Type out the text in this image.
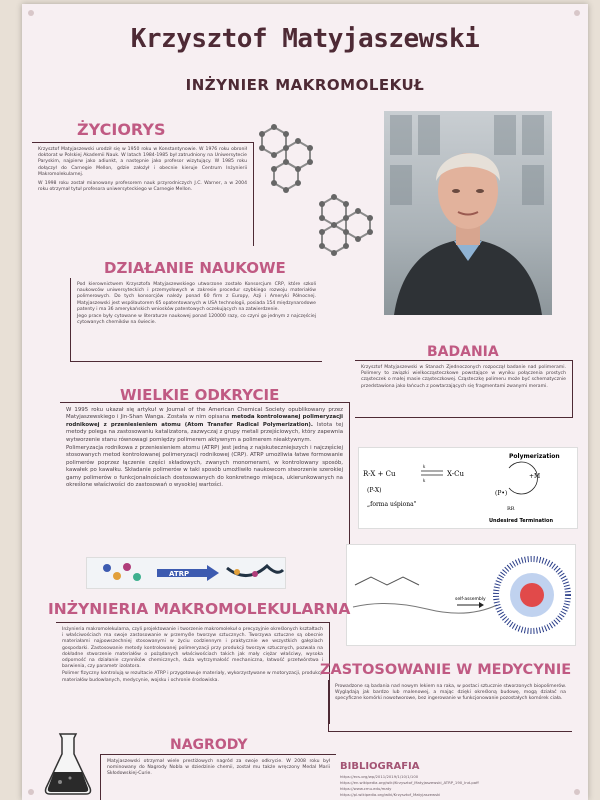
Krzysztof Matyjaszewski
INŻYNIER MAKROMOLEKUŁ
ŻYCIORYS

Krzysztof Matyjaszewski urodził się w 1950 roku w Konstantynowie. W 1976 roku obronił doktorat w Polskiej Akademii Nauk. W latach 1984-1985 był zatrudniony na Uniwersytecie Paryskim, najpierw jako adiunkt, a następnie jako profesor wizytujący. W 1985 roku dołączył do Carnegie Mellon, gdzie założył i obecnie kieruje Centrum Inżynierii Makromolekularnej.

W 1998 roku został mianowany profesorem nauk przyrodniczych J.C. Warner, a w 2004 roku otrzymał tytuł profesora uniwersyteckiego w Carnegie Mellon.

DZIAŁANIE NAUKOWE

Pod kierownictwem Krzysztofa Matyjaszewskiego utworzone zostało Konsorcjum CRP, które szkoli naukowców uniwersyteckich i przemysłowych w zakresie procedur szybkiego rozwoju materiałów polimerowych. Do tych konsorcjów należy ponad 60 firm z Europy, Azji i Ameryki Północnej. Matyjaszewski jest współautorem 65 opatentowanych w USA technologii, posiada 154 międzynarodowe patenty i ma 36 amerykańskich wniosków patentowych oczekujących na zatwierdzenie.

Jego prace były cytowane w literaturze naukowej ponad 120000 razy, co czyni go jednym z najczęściej cytowanych chemików na świecie.

BADANIA

Krzysztof Matyjaszewski w Stanach Zjednoczonych rozpoczął badanie nad polimerami. Polimery to związki wielkocząsteczkowe powstające w wyniku połączenia prostych cząsteczek o małej masie cząsteczkowej. Cząsteczkę polimeru może być schematycznie przedstawiona jako łańcuch z powtarzających się fragmentami zwanymi merami.

WIELKIE ODKRYCIE

W 1995 roku ukazał się artykuł w Journal of the American Chemical Society opublikowany przez Matyjaszewskiego i Jin-Shan Wanga. Została w nim opisana metoda kontrolowanej polimeryzacji rodnikowej z przeniesieniem atomu (Atom Transfer Radical Polymerization). Istota tej metody polega na zastosowaniu katalizatora, zazwyczaj z grupy metali przejściowych, który zapewnia wytworzenie stanu równowagi pomiędzy polimerem aktywnym a polimerem nieaktywnym.

Polimeryzacja rodnikowa z przeniesieniem atomu (ATRP) jest jedną z najskuteczniejszych i najczęściej stosowanych metod kontrolowanej polimeryzacji rodnikowej (CRP). ATRP umożliwia łatwe formowanie polimerów poprzez łączenie części składowych, zwanych monomerami, w kontrolowany sposób, kawałek po kawałku. Składanie polimerów w taki sposób umożliwiło naukowcom stworzenie szerokiej gamy polimerów o funkcjonalnościach dostosowanych do konkretnego miejsca, ukierunkowanych na określone właściwości do zastosowań o wysokiej wartości.

Polymerization
R-X + Cu	X-Cu
k
k
+M
(P-X)	(P•)
„forma uśpiona"
RR
Undesired Termination
ATRP
self-assembly
INŻYNIERIA MAKROMOLEKULARNA

Inżynieria makromolekularna, czyli projektowanie i tworzenie makromolekuł o precyzyjnie określonych kształtach i właściwościach ma swoje zastosowanie w przemyśle tworzyw sztucznych. Tworzywa sztuczne są obecnie materiałami najpowszechniej stosowanymi w życiu codziennym i praktycznie we wszystkich gałęziach gospodarki. Zastosowanie metody kontrolowanej polimeryzacji przy produkcji tworzyw sztucznych, pozwala na dokładne stworzenie materiałów o pożądanych właściwościach takich jak mały ciężar właściwy, wysoka odporność na działanie czynników chemicznych, duża wytrzymałość mechaniczna, łatwość przetwórstwa i barwienia, czy parametr izolatora.

Polimer fizyczny kontrolują w rezultacie ATRP i przygotowuje materiały, wykorzystywane w motoryzacji, produkcji materiałów budowlanych, medycynie, wojsku i ochronie środowiska.

ZASTOSOWANIE W MEDYCYNIE

Prowadzone są badania nad nowym lekiem na raka, w postaci sztucznie stworzonych biopolimerów. Wyglądają jak bardzo lub malenowej, a mając dzięki określoną budowę, mogą działać na specyficzne komórki nowotworowe, bez ingerowanie w funkcjonowanie pozostałych komórek ciała.

NAGRODY

Matyjaszewski otrzymał wiele prestiżowych nagród za swoje odkrycie. W 2008 roku był nominowany do Nagrody Nobla w dziedzinie chemii, został mu także wręczony Medal Marii Skłodowskiej-Curie.

BIBLIOGRAFIA
https://ecs.org/wp/2011/2019/1/10/1/100
https://en.wikipedia.org/wiki/Krzysztof_Matyjaszewski_ATRP_190_Ind-paff
https://www.cmu.edu/maty
https://pl.wikipedia.org/wiki/Krzysztof_Matyjaszewski
